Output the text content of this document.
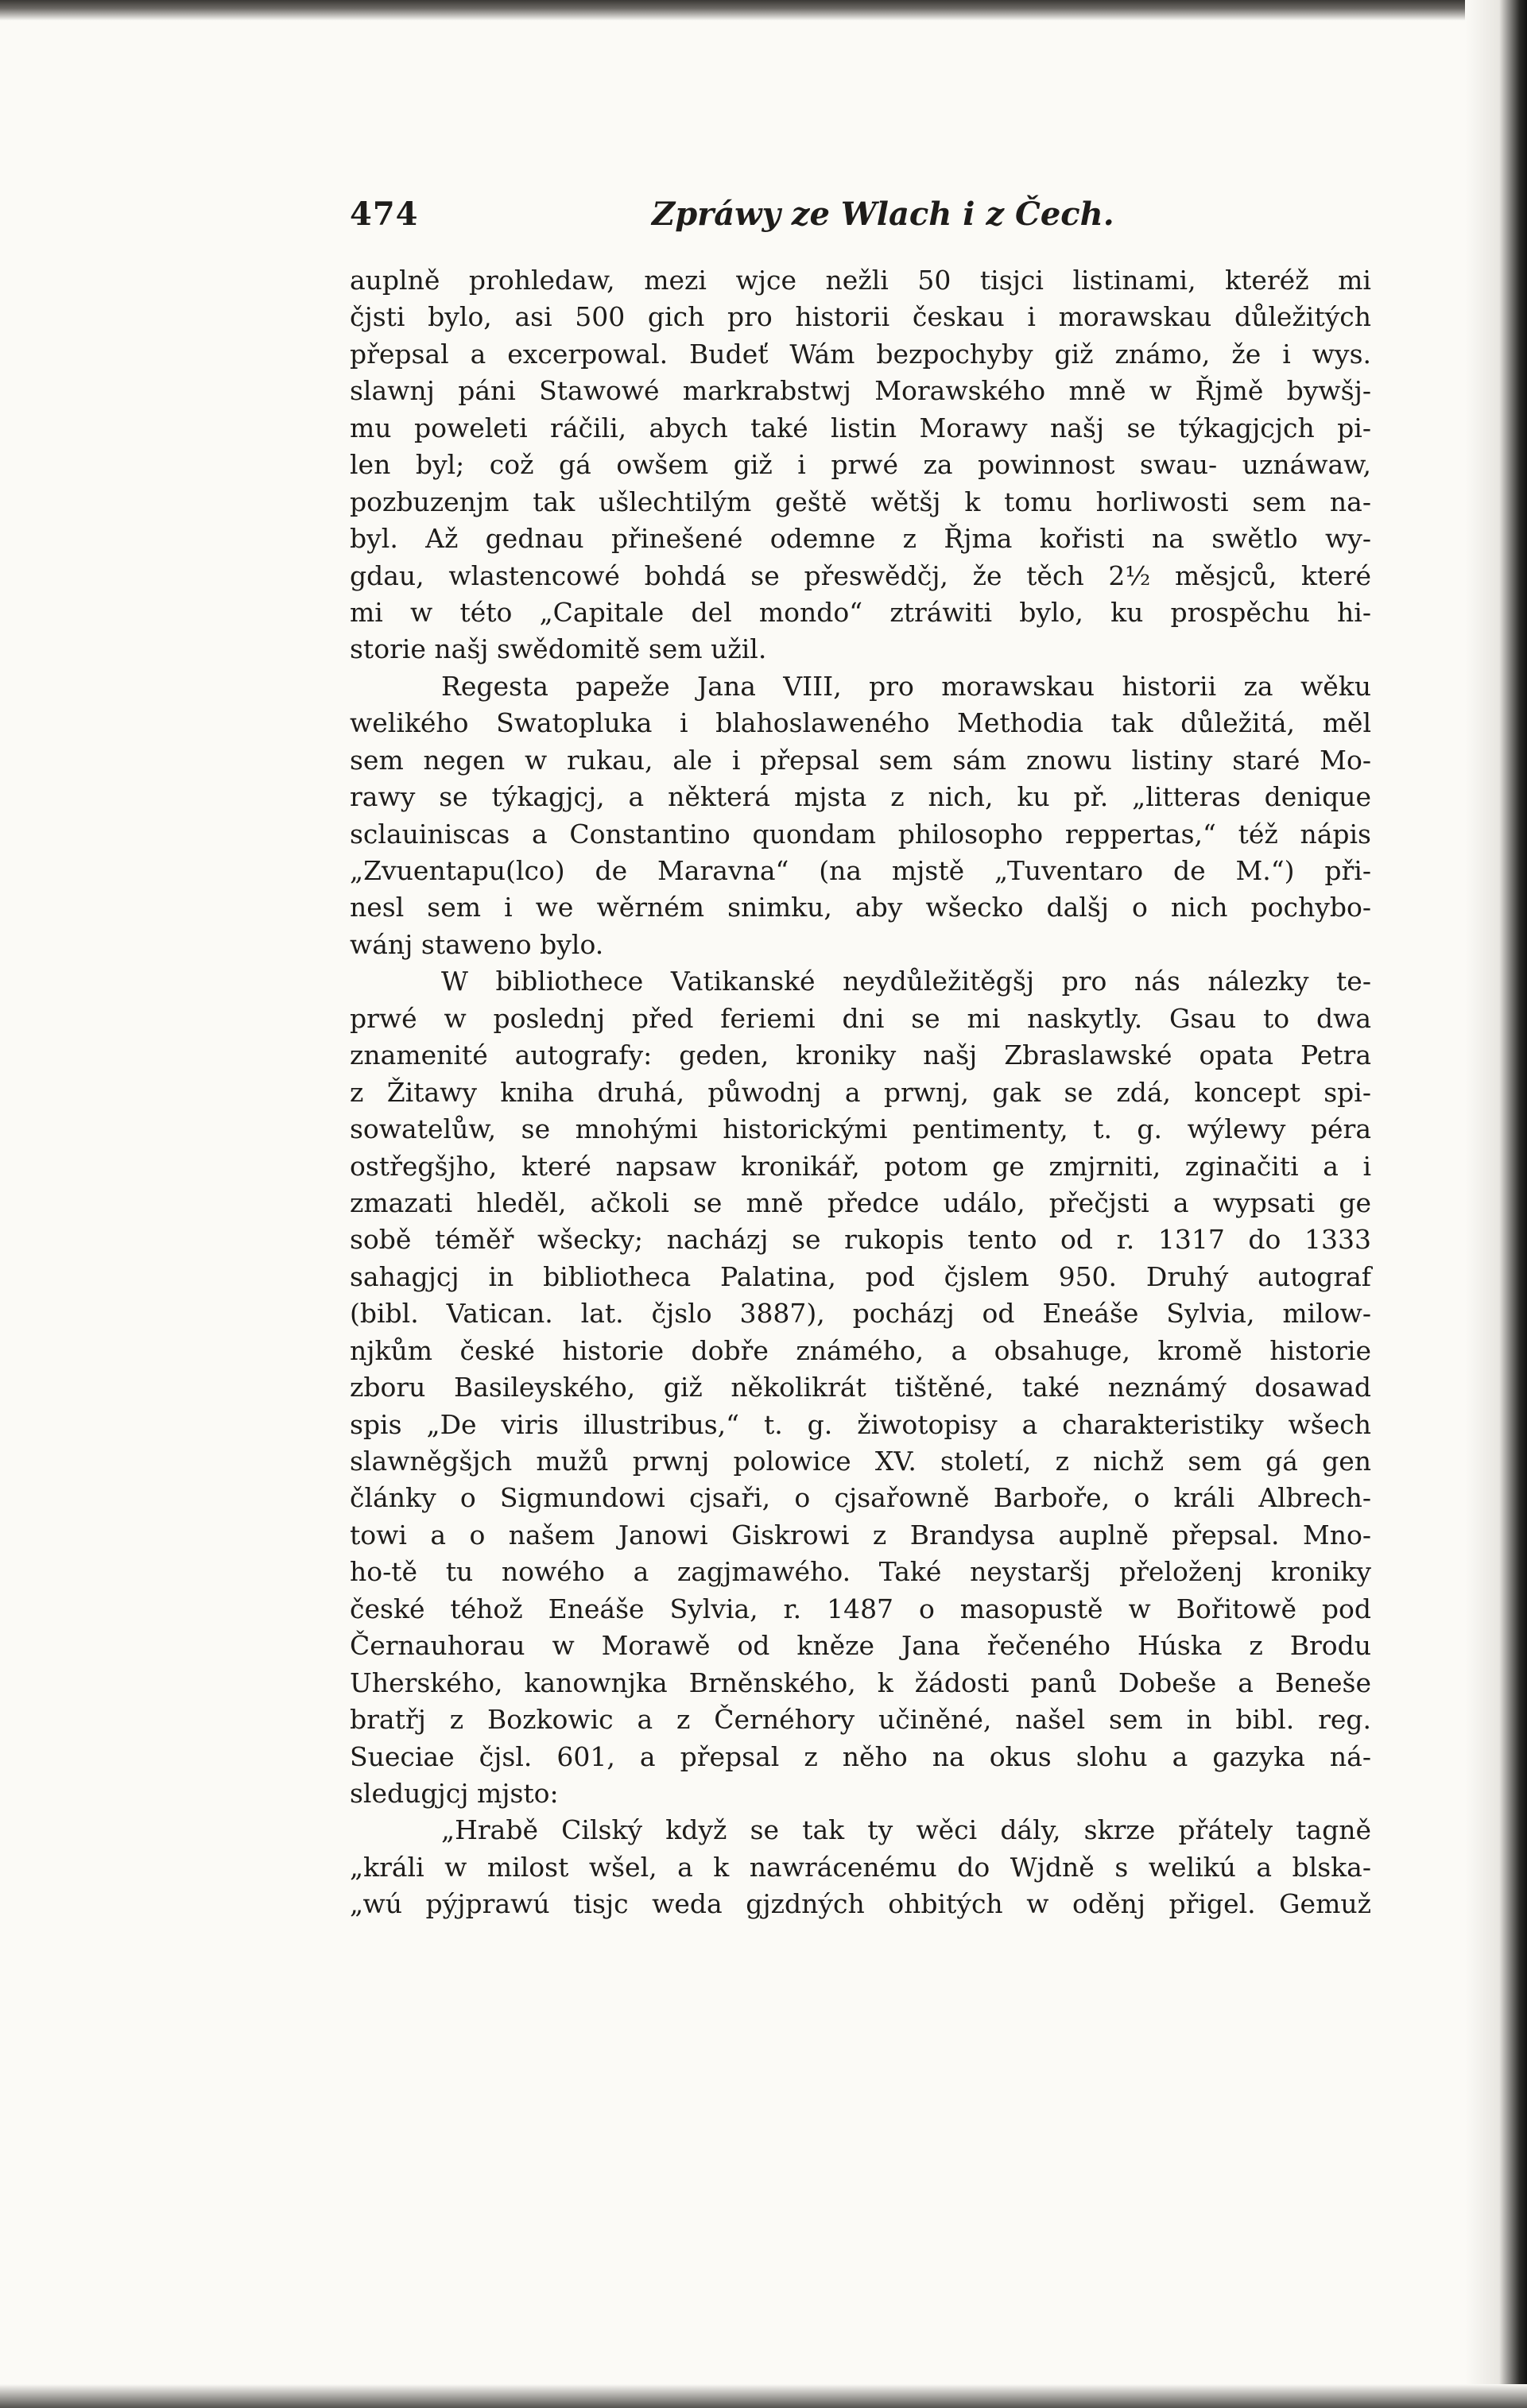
474	Zpráwy ze Wlach i z Čech.
auplně prohledaw, mezi wjce nežli 50 tisjci listinami, kteréž mi
čjsti bylo, asi 500 gich pro historii českau i morawskau důležitých
přepsal a excerpowal. Budeť Wám bezpochyby giž známo, že i wys.
slawnj páni Stawowé markrabstwj Morawského mně w Řjmě bywšj-
mu poweleti ráčili, abych také listin Morawy našj se týkagjcjch pi-
len byl; což gá owšem giž i prwé za powinnost swau- uznáwaw,
pozbuzenjm tak ušlechtilým geště wětšj k tomu horliwosti sem na-
byl. Až gednau přinešené odemne z Řjma kořisti na swětlo wy-
gdau, wlastencowé bohdá se přeswědčj, že těch 2½ měsjců, které
mi w této „Capitale del mondo“ ztráwiti bylo, ku prospěchu hi-
storie našj swědomitě sem užil.
Regesta papeže Jana VIII, pro morawskau historii za wěku
welikého Swatopluka i blahoslaweného Methodia tak důležitá, měl
sem negen w rukau, ale i přepsal sem sám znowu listiny staré Mo-
rawy se týkagjcj, a některá mjsta z nich, ku př. „litteras denique
sclauiniscas a Constantino quondam philosopho reppertas,“ též nápis
„Zvuentapu(lco) de Maravna“ (na mjstě „Tuventaro de M.“) při-
nesl sem i we wěrném snimku, aby wšecko dalšj o nich pochybo-
wánj staweno bylo.
W bibliothece Vatikanské neydůležitěgšj pro nás nálezky te-
prwé w poslednj před feriemi dni se mi naskytly. Gsau to dwa
znamenité autografy: geden, kroniky našj Zbraslawské opata Petra
z Žitawy kniha druhá, půwodnj a prwnj, gak se zdá, koncept spi-
sowatelůw, se mnohými historickými pentimenty, t. g. wýlewy péra
ostřegšjho, které napsaw kronikář, potom ge zmjrniti, zginačiti a i
zmazati hleděl, ačkoli se mně předce událo, přečjsti a wypsati ge
sobě téměř wšecky; nacházj se rukopis tento od r. 1317 do 1333
sahagjcj in bibliotheca Palatina, pod čjslem 950. Druhý autograf
(bibl. Vatican. lat. čjslo 3887), pocházj od Eneáše Sylvia, milow-
njkům české historie dobře známého, a obsahuge, kromě historie
zboru Basileyského, giž několikrát tištěné, také neznámý dosawad
spis „De viris illustribus,“ t. g. žiwotopisy a charakteristiky wšech
slawněgšjch mužů prwnj polowice XV. století, z nichž sem gá gen
články o Sigmundowi cjsaři, o cjsařowně Barboře, o králi Albrech-
towi a o našem Janowi Giskrowi z Brandysa auplně přepsal. Mno-
ho-tě tu nowého a zagjmawého. Také neystaršj přeloženj kroniky
české téhož Eneáše Sylvia, r. 1487 o masopustě w Bořitowě pod
Černauhorau w Morawě od kněze Jana řečeného Húska z Brodu
Uherského, kanownjka Brněnského, k žádosti panů Dobeše a Beneše
bratřj z Bozkowic a z Černéhory učiněné, našel sem in bibl. reg.
Sueciae čjsl. 601, a přepsal z něho na okus slohu a gazyka ná-
sledugjcj mjsto:
„Hrabě Cilský když se tak ty wěci dály, skrze přátely tagně
„králi w milost wšel, a k nawrácenému do Wjdně s welikú a blska-
„wú pýjprawú tisjc weda gjzdných ohbitých w oděnj přigel. Gemuž
